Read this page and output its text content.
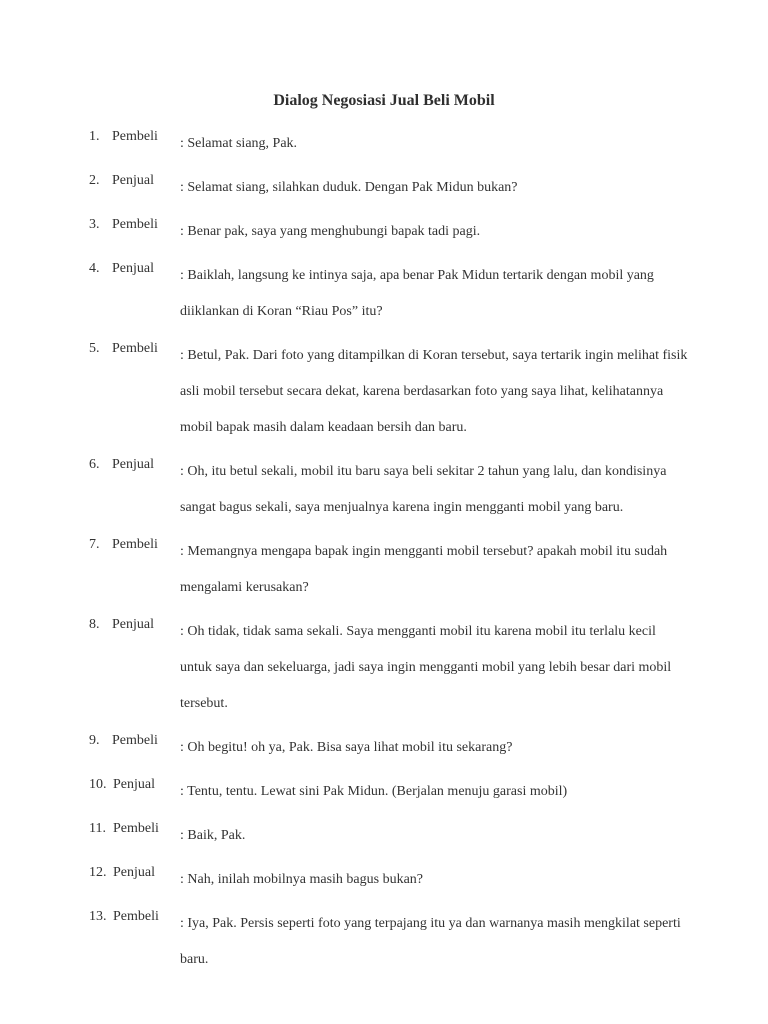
Dialog Negosiasi Jual Beli Mobil
1. Pembeli : Selamat siang, Pak.
2. Penjual : Selamat siang, silahkan duduk. Dengan Pak Midun bukan?
3. Pembeli : Benar pak, saya yang menghubungi bapak tadi pagi.
4. Penjual : Baiklah, langsung ke intinya saja, apa benar Pak Midun tertarik dengan mobil yang diiklankan di Koran “Riau Pos” itu?
5. Pembeli : Betul, Pak. Dari foto yang ditampilkan di Koran tersebut, saya tertarik ingin melihat fisik asli mobil tersebut secara dekat, karena berdasarkan foto yang saya lihat, kelihatannya mobil bapak masih dalam keadaan bersih dan baru.
6. Penjual : Oh, itu betul sekali, mobil itu baru saya beli sekitar 2 tahun yang lalu, dan kondisinya sangat bagus sekali, saya menjualnya karena ingin mengganti mobil yang baru.
7. Pembeli : Memangnya mengapa bapak ingin mengganti mobil tersebut? apakah mobil itu sudah mengalami kerusakan?
8. Penjual : Oh tidak, tidak sama sekali. Saya mengganti mobil itu karena mobil itu terlalu kecil untuk saya dan sekeluarga, jadi saya ingin mengganti mobil yang lebih besar dari mobil tersebut.
9. Pembeli : Oh begitu! oh ya, Pak. Bisa saya lihat mobil itu sekarang?
10. Penjual : Tentu, tentu. Lewat sini Pak Midun. (Berjalan menuju garasi mobil)
11. Pembeli : Baik, Pak.
12. Penjual : Nah, inilah mobilnya masih bagus bukan?
13. Pembeli : Iya, Pak. Persis seperti foto yang terpajang itu ya dan warnanya masih mengkilat seperti baru.
